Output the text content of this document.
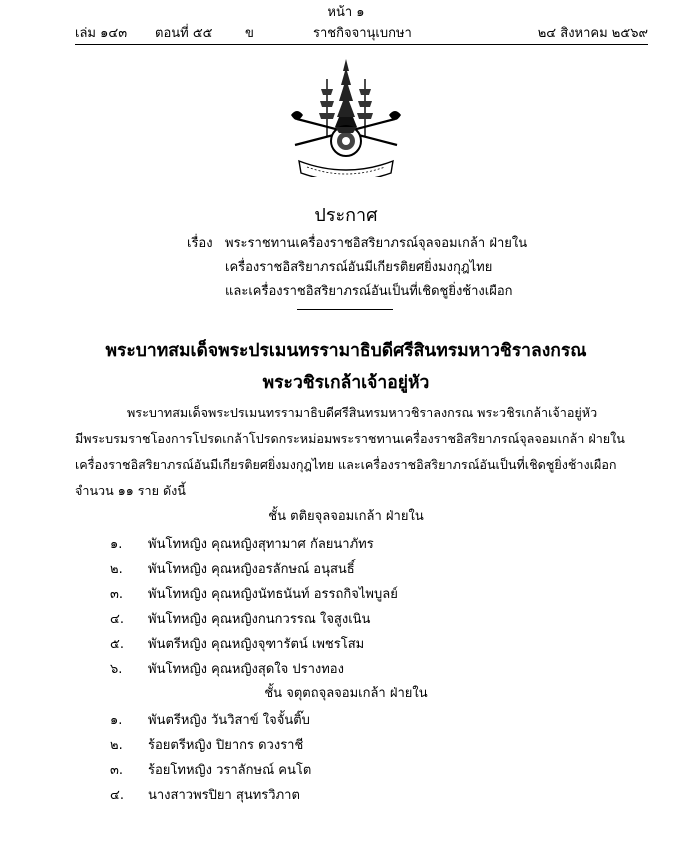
หน้า ๑
เล่ม ๑๔๓ ตอนที่ ๕๕ ข	ราชกิจจานุเบกษา	๒๔ สิงหาคม ๒๕๖๙
ประกาศ
เรื่อง พระราชทานเครื่องราชอิสริยาภรณ์จุลจอมเกล้า ฝ่ายใน
เครื่องราชอิสริยาภรณ์อันมีเกียรติยศยิ่งมงกุฎไทย
และเครื่องราชอิสริยาภรณ์อันเป็นที่เชิดชูยิ่งช้างเผือก
พระบาทสมเด็จพระปรเมนทรรามาธิบดีศรีสินทรมหาวชิราลงกรณ
พระวชิรเกล้าเจ้าอยู่หัว
พระบาทสมเด็จพระปรเมนทรรามาธิบดีศรีสินทรมหาวชิราลงกรณ พระวชิรเกล้าเจ้าอยู่หัว
มีพระบรมราชโองการโปรดเกล้าโปรดกระหม่อมพระราชทานเครื่องราชอิสริยาภรณ์จุลจอมเกล้า ฝ่ายใน
เครื่องราชอิสริยาภรณ์อันมีเกียรติยศยิ่งมงกุฎไทย และเครื่องราชอิสริยาภรณ์อันเป็นที่เชิดชูยิ่งช้างเผือก
จำนวน ๑๑ ราย ดังนี้
ชั้น ตติยจุลจอมเกล้า ฝ่ายใน
๑. พันโทหญิง คุณหญิงสุทามาศ กัลยนาภัทร
๒. พันโทหญิง คุณหญิงอรลักษณ์ อนุสนธิ์
๓. พันโทหญิง คุณหญิงนัทธนันท์ อรรถกิจไพบูลย์
๔. พันโทหญิง คุณหญิงกนกวรรณ ใจสูงเนิน
๕. พันตรีหญิง คุณหญิงจุฑารัตน์ เพชรโสม
๖. พันโทหญิง คุณหญิงสุดใจ ปรางทอง
ชั้น จตุตถจุลจอมเกล้า ฝ่ายใน
๑. พันตรีหญิง วันวิสาข์ ใจจั้นติ๊บ
๒. ร้อยตรีหญิง ปิยากร ดวงราชี
๓. ร้อยโทหญิง วราลักษณ์ คนโต
๔. นางสาวพรปิยา สุนทรวิภาต
